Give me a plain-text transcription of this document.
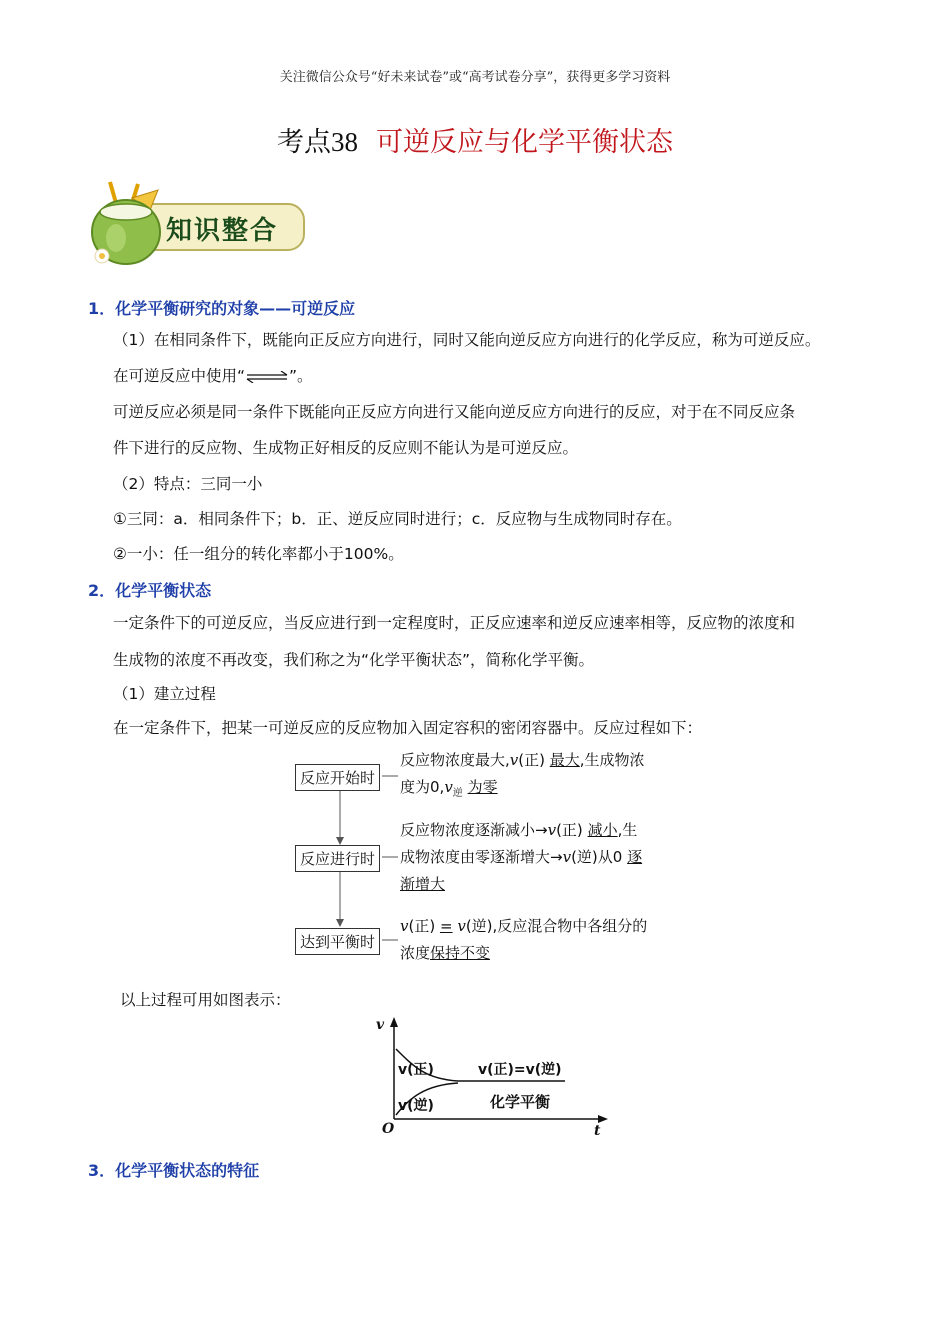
关注微信公众号“好未来试卷”或“高考试卷分享”，获得更多学习资料
考点38 可逆反应与化学平衡状态
知识整合
1．化学平衡研究的对象——可逆反应
（1）在相同条件下，既能向正反应方向进行，同时又能向逆反应方向进行的化学反应，称为可逆反应。
在可逆反应中使用“⇌”。
可逆反应必须是同一条件下既能向正反应方向进行又能向逆反应方向进行的反应，对于在不同反应条
件下进行的反应物、生成物正好相反的反应则不能认为是可逆反应。
（2）特点：三同一小
①三同：a．相同条件下；b．正、逆反应同时进行；c．反应物与生成物同时存在。
②一小：任一组分的转化率都小于100%。
2．化学平衡状态
一定条件下的可逆反应，当反应进行到一定程度时，正反应速率和逆反应速率相等，反应物的浓度和
生成物的浓度不再改变，我们称之为“化学平衡状态”，简称化学平衡。
（1）建立过程
在一定条件下，把某一可逆反应的反应物加入固定容积的密闭容器中。反应过程如下：
反应开始时
反应进行时
达到平衡时
反应物浓度最大,v(正) 最大,生成物浓
度为$0,v_逆$ 为零
反应物浓度逐渐减小→v(正) 减小,生
成物浓度由零逐渐增大→v(逆)从0 逐
渐增大
v(正) = v(逆),反应混合物中各组分的
浓度保持不变
以上过程可用如图表示：
v
t
O
v(正)	v(正)=v(逆)
v(逆)	化学平衡
3．化学平衡状态的特征
